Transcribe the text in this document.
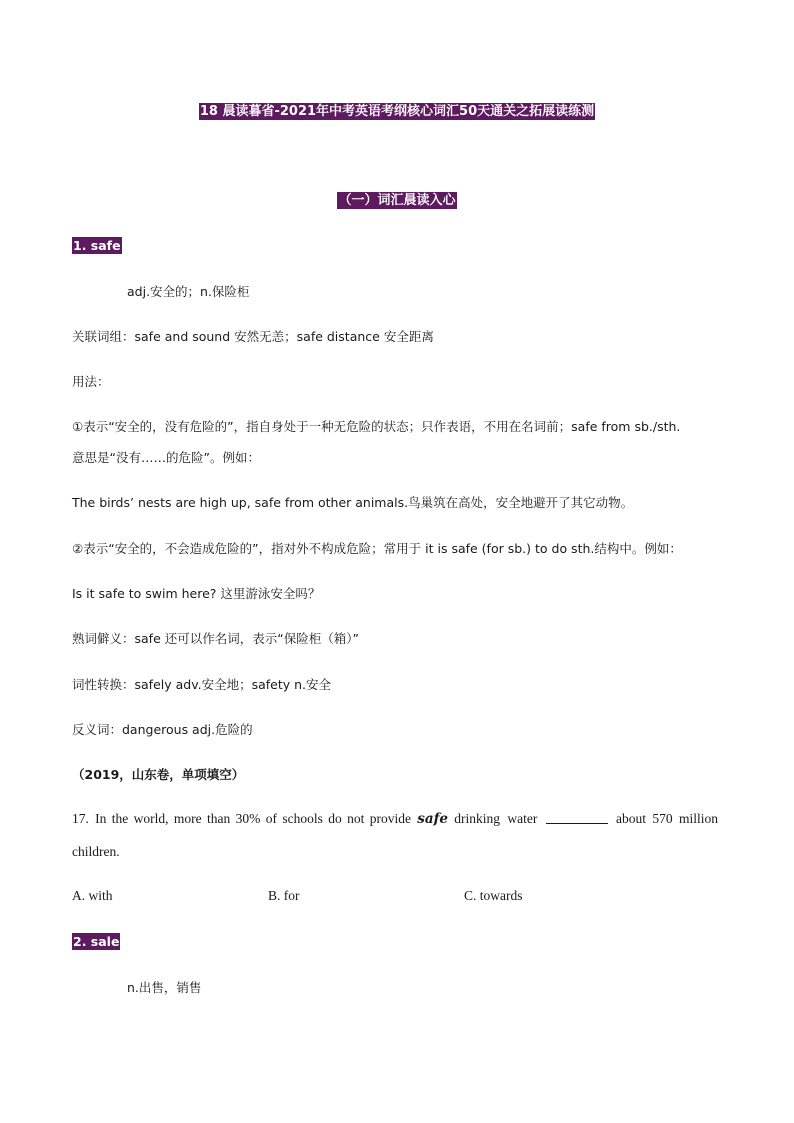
18 晨读暮省-2021年中考英语考纲核心词汇50天通关之拓展读练测
（一）词汇晨读入心
1. safe
adj.安全的；n.保险柜
关联词组：safe and sound 安然无恙；safe distance 安全距离
用法：
①表示“安全的，没有危险的”，指自身处于一种无危险的状态；只作表语，不用在名词前；safe from sb./sth.
意思是“没有……的危险”。例如：
The birds’ nests are high up, safe from other animals.鸟巢筑在高处，安全地避开了其它动物。
②表示“安全的，不会造成危险的”，指对外不构成危险；常用于 it is safe (for sb.) to do sth.结构中。例如：
Is it safe to swim here? 这里游泳安全吗？
熟词僻义：safe 还可以作名词，表示“保险柜（箱）”
词性转换：safely adv.安全地；safety n.安全
反义词：dangerous adj.危险的
（2019，山东卷，单项填空）
17. In the world, more than 30% of schools do not provide safe drinking water	about 570 million
children.
A. with	B. for	C. towards
2. sale
n.出售，销售
